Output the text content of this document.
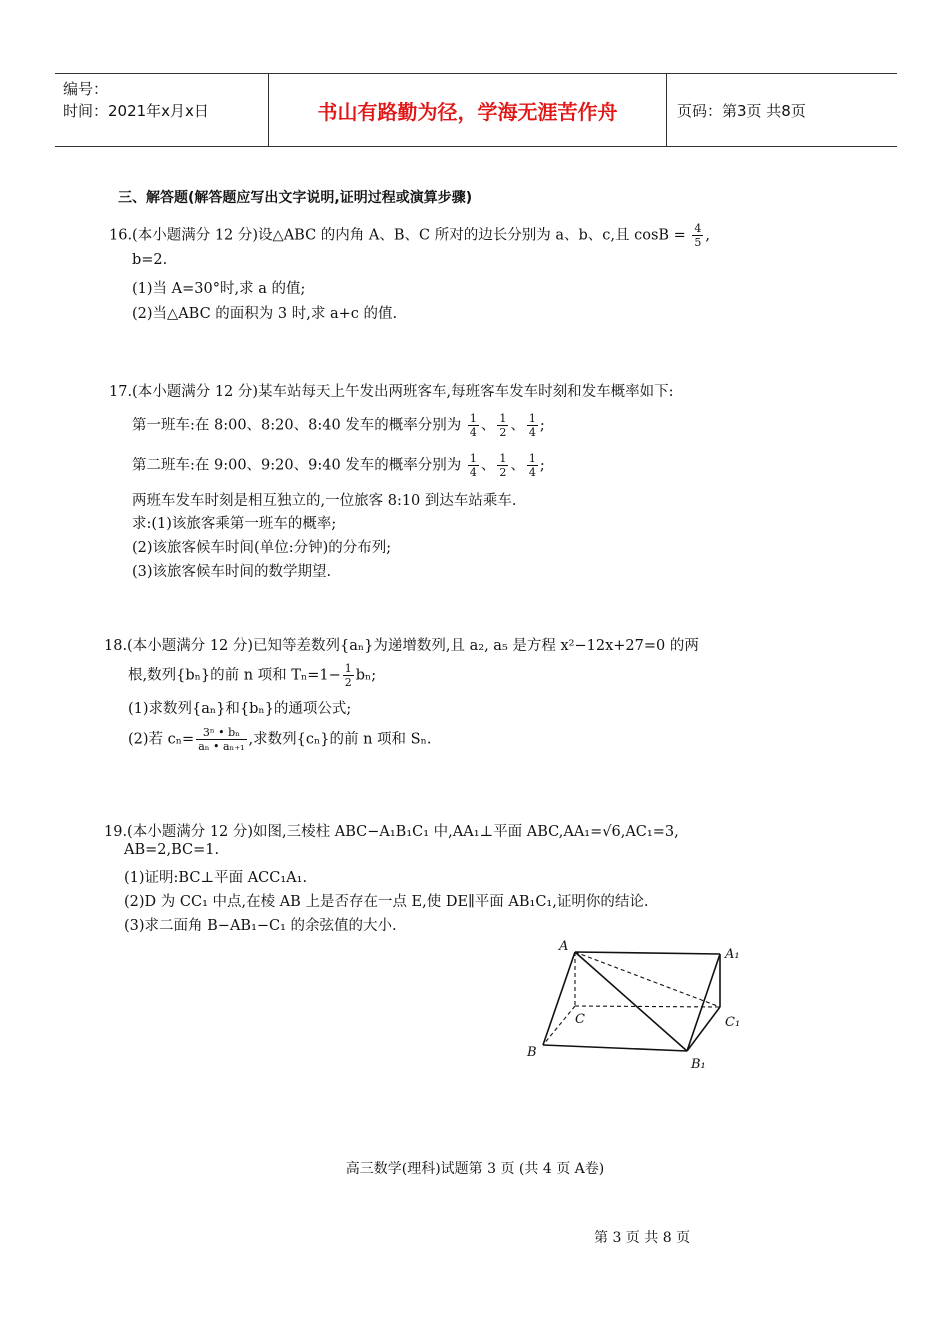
编号：
时间：2021年x月x日	书山有路勤为径，学海无涯苦作舟	页码：第3页 共8页
三、解答题(解答题应写出文字说明,证明过程或演算步骤)
16.(本小题满分 12 分)设△ABC 的内角 A、B、C 所对的边长分别为 a、b、c,且 $\cos B = \frac{4}{5}$ ,
b=2.
(1)当 A=30°时,求 a 的值;
(2)当△ABC 的面积为 3 时,求 a+c 的值.
17.(本小题满分 12 分)某车站每天上午发出两班客车,每班客车发车时刻和发车概率如下:
第一班车:在 8:00、8:20、8:40 发车的概率分别为 $\frac{1}{4}$ 、 $\frac{1}{2}$ 、 $\frac{1}{4}$ ;
第二班车:在 9:00、9:20、9:40 发车的概率分别为 $\frac{1}{4}$ 、 $\frac{1}{2}$ 、 $\frac{1}{4}$ ;
两班车发车时刻是相互独立的,一位旅客 8:10 到达车站乘车.
求:(1)该旅客乘第一班车的概率;
(2)该旅客候车时间(单位:分钟)的分布列;
(3)该旅客候车时间的数学期望.
18.(本小题满分 12 分)已知等差数列{aₙ}为递增数列,且 a₂, a₅ 是方程 x²−12x+27=0 的两
根,数列{bₙ}的前 n 项和 $T_n=1- \frac{1}{2} b_n$;
(1)求数列{aₙ}和{bₙ}的通项公式;
(2)若 $c_n= \frac{\text{3ⁿ • bₙ}}{\text{aₙ • aₙ₊₁}}$ ,求数列{cₙ}的前 n 项和 Sₙ.
19.(本小题满分 12 分)如图,三棱柱 ABC−A₁B₁C₁ 中,AA₁⊥平面 ABC,AA₁=√6,AC₁=3,
AB=2,BC=1.
(1)证明:BC⊥平面 ACC₁A₁.
(2)D 为 CC₁ 中点,在棱 AB 上是否存在一点 E,使 DE∥平面 AB₁C₁,证明你的结论.
(3)求二面角 B−AB₁−C₁ 的余弦值的大小.
A
A₁
C	C₁
B
B₁
高三数学(理科)试题第 3 页 (共 4 页 A卷)
第 3 页 共 8 页
